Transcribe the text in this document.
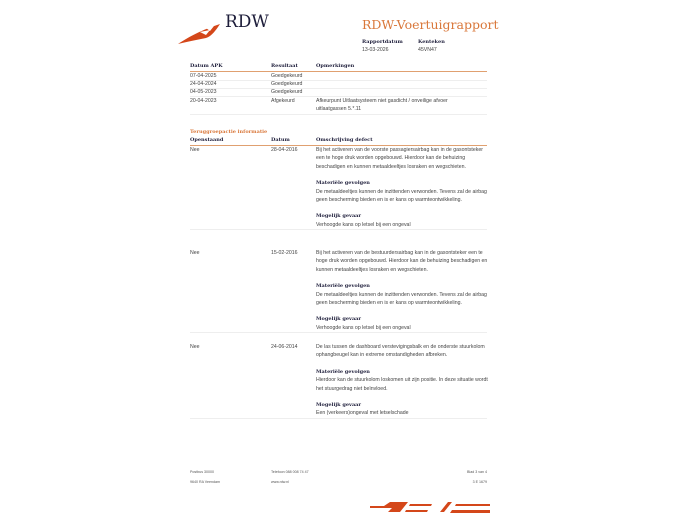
RDW	RDW-Voertuigrapport
Rapportdatum
13-03-2026
Kenteken
45VN47
Datum APK	Resultaat	Opmerkingen
07-04-2025	Goedgekeurd
24-04-2024	Goedgekeurd
04-05-2023	Goedgekeurd
20-04-2023	Afgekeurd	Afkeurpunt Uitlaatsysteem niet gasdicht / onveilige afvoer uitlaatgassen 5.*.11
Teruggroepactie informatie
Openstaand	Datum	Omschrijving defect
Nee	28-04-2016	Bij het activeren van de voorste passagiersairbag kan in de gasontsteker een te hoge druk worden opgebouwd. Hierdoor kan de behuizing beschadigen en kunnen metaaldeeltjes losraken en wegschieten.
Materiële gevolgen
De metaaldeeltjes kunnen de inzittenden verwonden. Tevens zal de airbag geen bescherming bieden en is er kans op warmteontwikkeling.
Mogelijk gevaar
Verhoogde kans op letsel bij een ongeval
Nee	15-02-2016	Bij het activeren van de bestuurdersairbag kan in de gasontsteker een te hoge druk worden opgebouwd. Hierdoor kan de behuizing beschadigen en kunnen metaaldeeltjes losraken en wegschieten.
Materiële gevolgen
De metaaldeeltjes kunnen de inzittenden verwonden. Tevens zal de airbag geen bescherming bieden en is er kans op warmteontwikkeling.
Mogelijk gevaar
Verhoogde kans op letsel bij een ongeval
Nee	24-06-2014	De las tussen de dashboard verstevigingsbalk en de onderste stuurkolom ophangbeugel kan in extreme omstandigheden afbreken.
Materiële gevolgen
Hierdoor kan de stuurkolom loskomen uit zijn positie. In deze situatie wordt het stuurgedrag niet beïnvloed.
Mogelijk gevaar
Een (verkeers)ongeval met letselschade
Postbus 30000
9640 RA Veendam
Telefoon 088 008 74 47
www.rdw.nl
Blad 3 van 4
3 E 1679
